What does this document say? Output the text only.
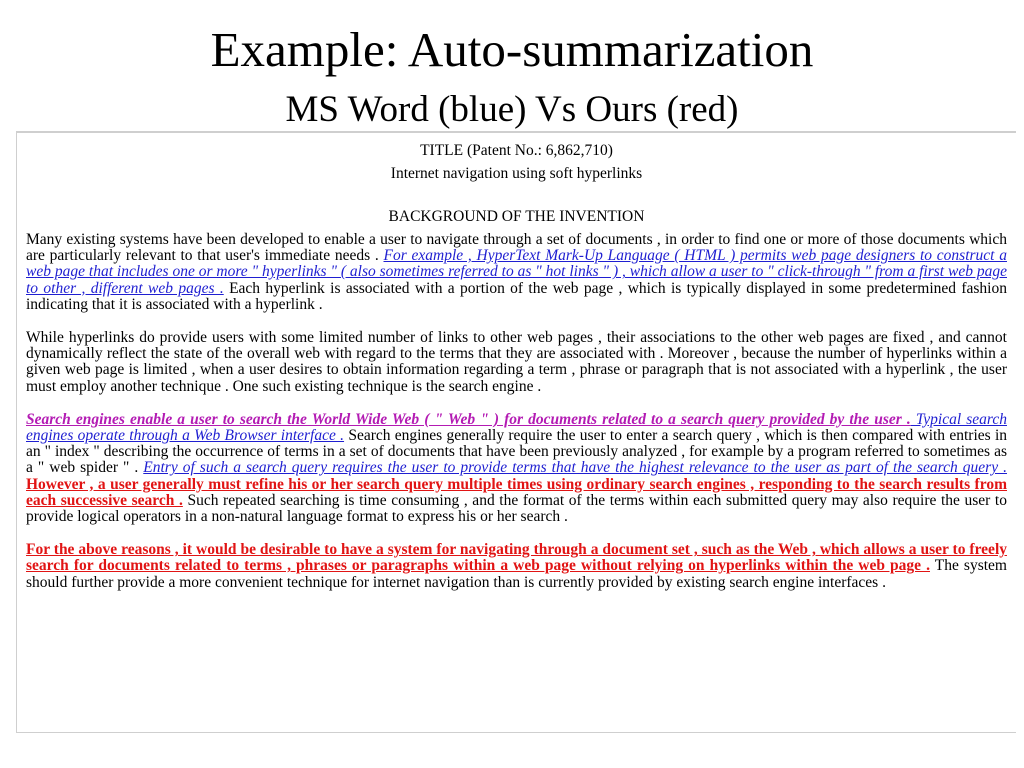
Example: Auto-summarization
MS Word (blue) Vs Ours (red)

TITLE (Patent No.: 6,862,710)

Internet navigation using soft hyperlinks

BACKGROUND OF THE INVENTION

Many existing systems have been developed to enable a user to navigate through a set of documents , in order to find one or more of those documents which are particularly relevant to that user's immediate needs . For example , HyperText Mark-Up Language ( HTML ) permits web page designers to construct a web page that includes one or more " hyperlinks " ( also sometimes referred to as " hot links " ) , which allow a user to " click-through " from a first web page to other , different web pages . Each hyperlink is associated with a portion of the web page , which is typically displayed in some predetermined fashion indicating that it is associated with a hyperlink .

While hyperlinks do provide users with some limited number of links to other web pages , their associations to the other web pages are fixed , and cannot dynamically reflect the state of the overall web with regard to the terms that they are associated with . Moreover , because the number of hyperlinks within a given web page is limited , when a user desires to obtain information regarding a term , phrase or paragraph that is not associated with a hyperlink , the user must employ another technique . One such existing technique is the search engine .

Search engines enable a user to search the World Wide Web ( " Web " ) for documents related to a search query provided by the user . Typical search engines operate through a Web Browser interface . Search engines generally require the user to enter a search query , which is then compared with entries in an " index " describing the occurrence of terms in a set of documents that have been previously analyzed , for example by a program referred to sometimes as a " web spider " . Entry of such a search query requires the user to provide terms that have the highest relevance to the user as part of the search query . However , a user generally must refine his or her search query multiple times using ordinary search engines , responding to the search results from each successive search . Such repeated searching is time consuming , and the format of the terms within each submitted query may also require the user to provide logical operators in a non-natural language format to express his or her search .

For the above reasons , it would be desirable to have a system for navigating through a document set , such as the Web , which allows a user to freely search for documents related to terms , phrases or paragraphs within a web page without relying on hyperlinks within the web page . The system should further provide a more convenient technique for internet navigation than is currently provided by existing search engine interfaces .
